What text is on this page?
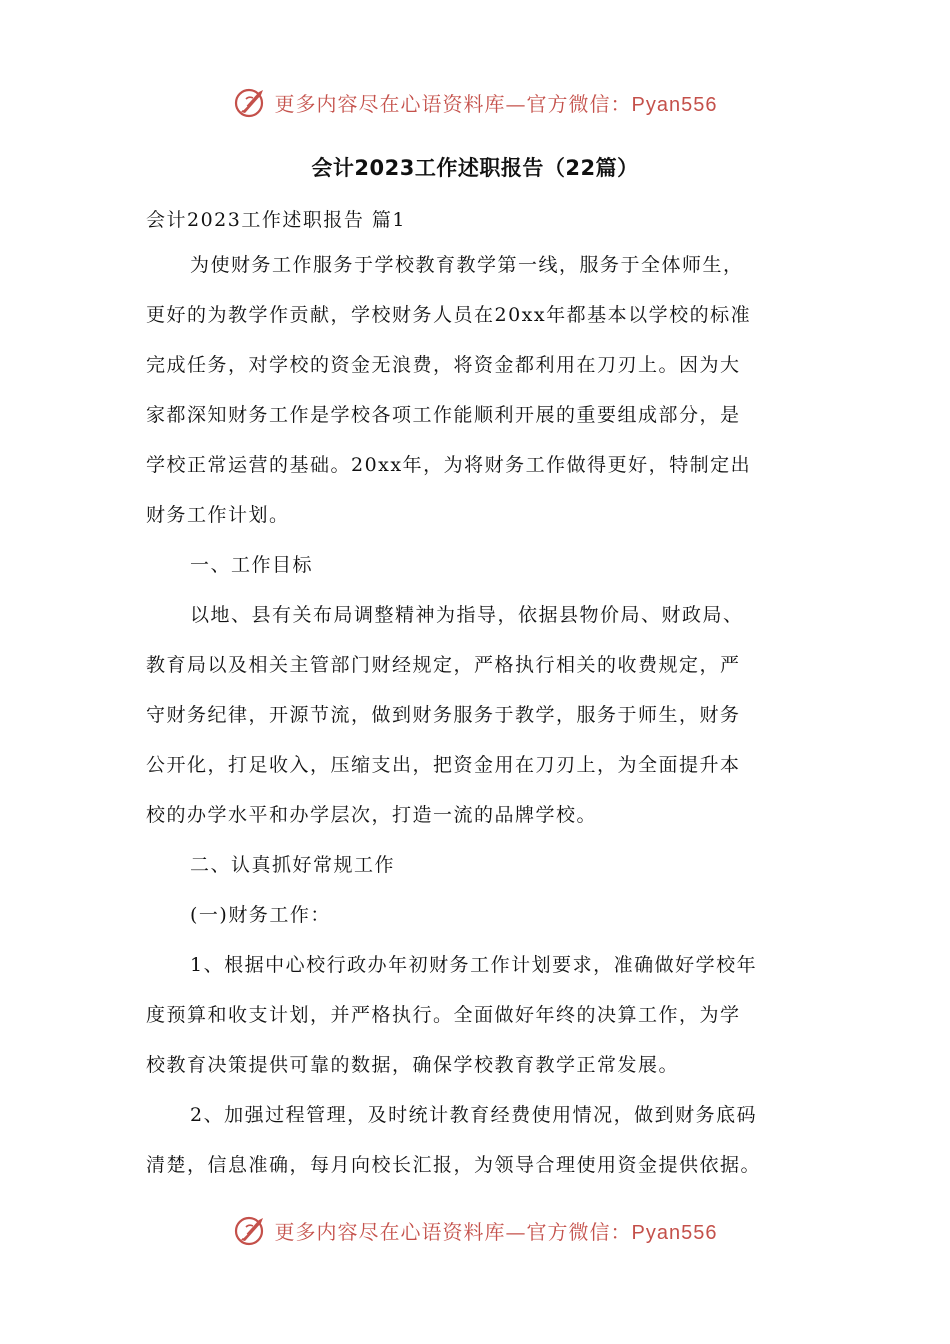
更多内容尽在心语资料库—官方微信：Pyan556
会计2023工作述职报告（22篇）
会计2023工作述职报告 篇1
为使财务工作服务于学校教育教学第一线，服务于全体师生，
更好的为教学作贡献，学校财务人员在20xx年都基本以学校的标准
完成任务，对学校的资金无浪费，将资金都利用在刀刃上。因为大
家都深知财务工作是学校各项工作能顺利开展的重要组成部分，是
学校正常运营的基础。20xx年，为将财务工作做得更好，特制定出
财务工作计划。
一、工作目标
以地、县有关布局调整精神为指导，依据县物价局、财政局、
教育局以及相关主管部门财经规定，严格执行相关的收费规定，严
守财务纪律，开源节流，做到财务服务于教学，服务于师生，财务
公开化，打足收入，压缩支出，把资金用在刀刃上，为全面提升本
校的办学水平和办学层次，打造一流的品牌学校。
二、认真抓好常规工作
(一)财务工作：
1、根据中心校行政办年初财务工作计划要求，准确做好学校年
度预算和收支计划，并严格执行。全面做好年终的决算工作，为学
校教育决策提供可靠的数据，确保学校教育教学正常发展。
2、加强过程管理，及时统计教育经费使用情况，做到财务底码
清楚，信息准确，每月向校长汇报，为领导合理使用资金提供依据。
更多内容尽在心语资料库—官方微信：Pyan556
